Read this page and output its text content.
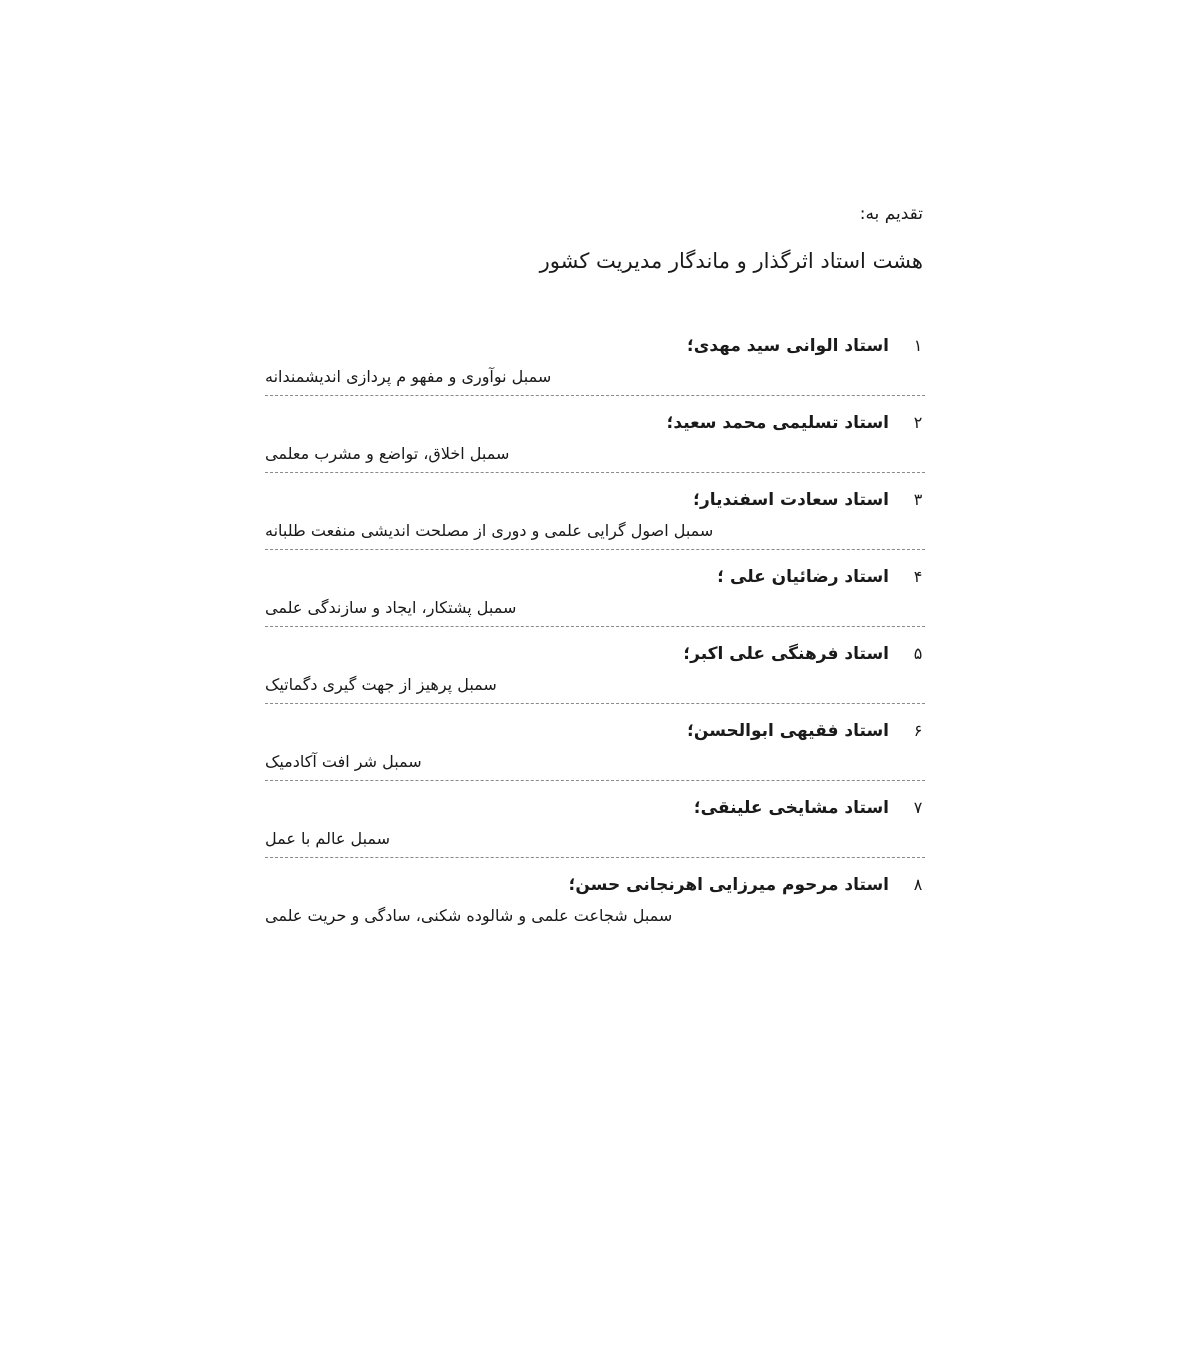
تقدیم به:

هشت استاد اثرگذار و ماندگار مدیریت کشور

۱
استاد الوانی سید مهدی؛
سمبل نوآوری و مفهو م پردازی اندیشمندانه
۲
استاد تسلیمی محمد سعید؛
سمبل اخلاق، تواضع و مشرب معلمی
۳
استاد سعادت اسفندیار؛
سمبل اصول گرایی علمی و دوری از مصلحت اندیشی منفعت طلبانه
۴
استاد رضائیان علی ؛
سمبل پشتکار، ایجاد و سازندگی علمی
۵
استاد فرهنگی علی اکبر؛
سمبل پرهیز از جهت گیری دگماتیک
۶
استاد فقیهی ابوالحسن؛
سمبل شر افت آکادمیک
۷
استاد مشایخی علینقی؛
سمبل عالم با عمل
۸
استاد مرحوم میرزایی اهرنجانی حسن؛
سمبل شجاعت علمی و شالوده شکنی، سادگی و حریت علمی
